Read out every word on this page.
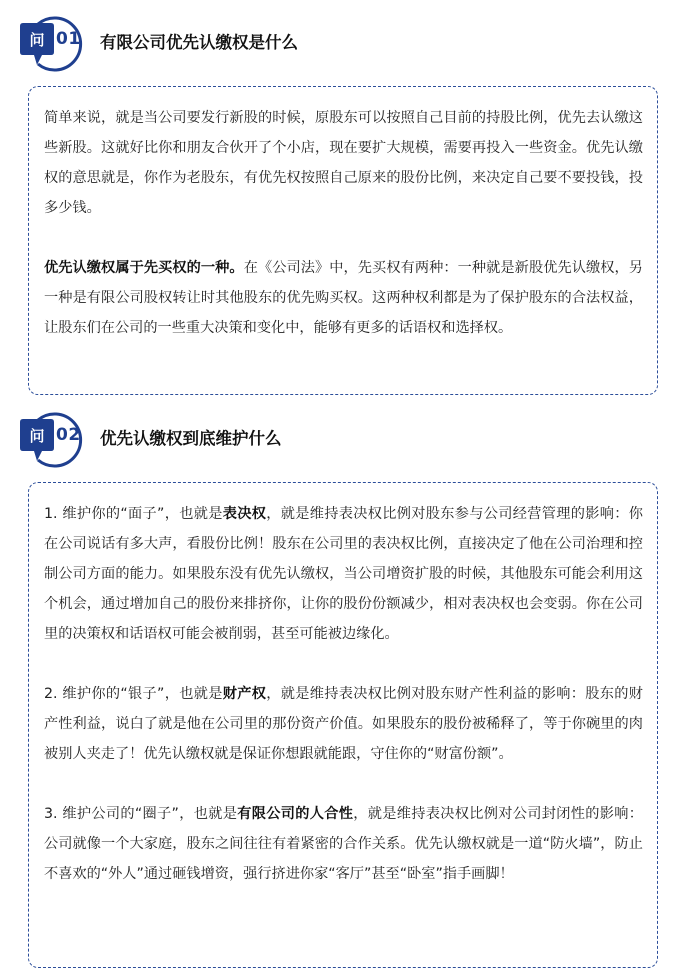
问 01 有限公司优先认缴权是什么

简单来说，就是当公司要发行新股的时候，原股东可以按照自己目前的持股比例，优先去认缴这些新股。这就好比你和朋友合伙开了个小店，现在要扩大规模，需要再投入一些资金。优先认缴权的意思就是，你作为老股东，有优先权按照自己原来的股份比例，来决定自己要不要投钱，投多少钱。

优先认缴权属于先买权的一种。在《公司法》中，先买权有两种：一种就是新股优先认缴权，另一种是有限公司股权转让时其他股东的优先购买权。这两种权利都是为了保护股东的合法权益，让股东们在公司的一些重大决策和变化中，能够有更多的话语权和选择权。

问 02 优先认缴权到底维护什么

1. 维护你的“面子”，也就是表决权，就是维持表决权比例对股东参与公司经营管理的影响：你在公司说话有多大声，看股份比例！股东在公司里的表决权比例，直接决定了他在公司治理和控制公司方面的能力。如果股东没有优先认缴权，当公司增资扩股的时候，其他股东可能会利用这个机会，通过增加自己的股份来排挤你，让你的股份份额减少，相对表决权也会变弱。你在公司里的决策权和话语权可能会被削弱，甚至可能被边缘化。

2. 维护你的“银子”，也就是财产权，就是维持表决权比例对股东财产性利益的影响：股东的财产性利益，说白了就是他在公司里的那份资产价值。如果股东的股份被稀释了，等于你碗里的肉被别人夹走了！优先认缴权就是保证你想跟就能跟，守住你的“财富份额”。

3. 维护公司的“圈子”，也就是有限公司的人合性，就是维持表决权比例对公司封闭性的影响：公司就像一个大家庭，股东之间往往有着紧密的合作关系。优先认缴权就是一道“防火墙”，防止不喜欢的“外人”通过砸钱增资，强行挤进你家“客厅”甚至“卧室”指手画脚！
